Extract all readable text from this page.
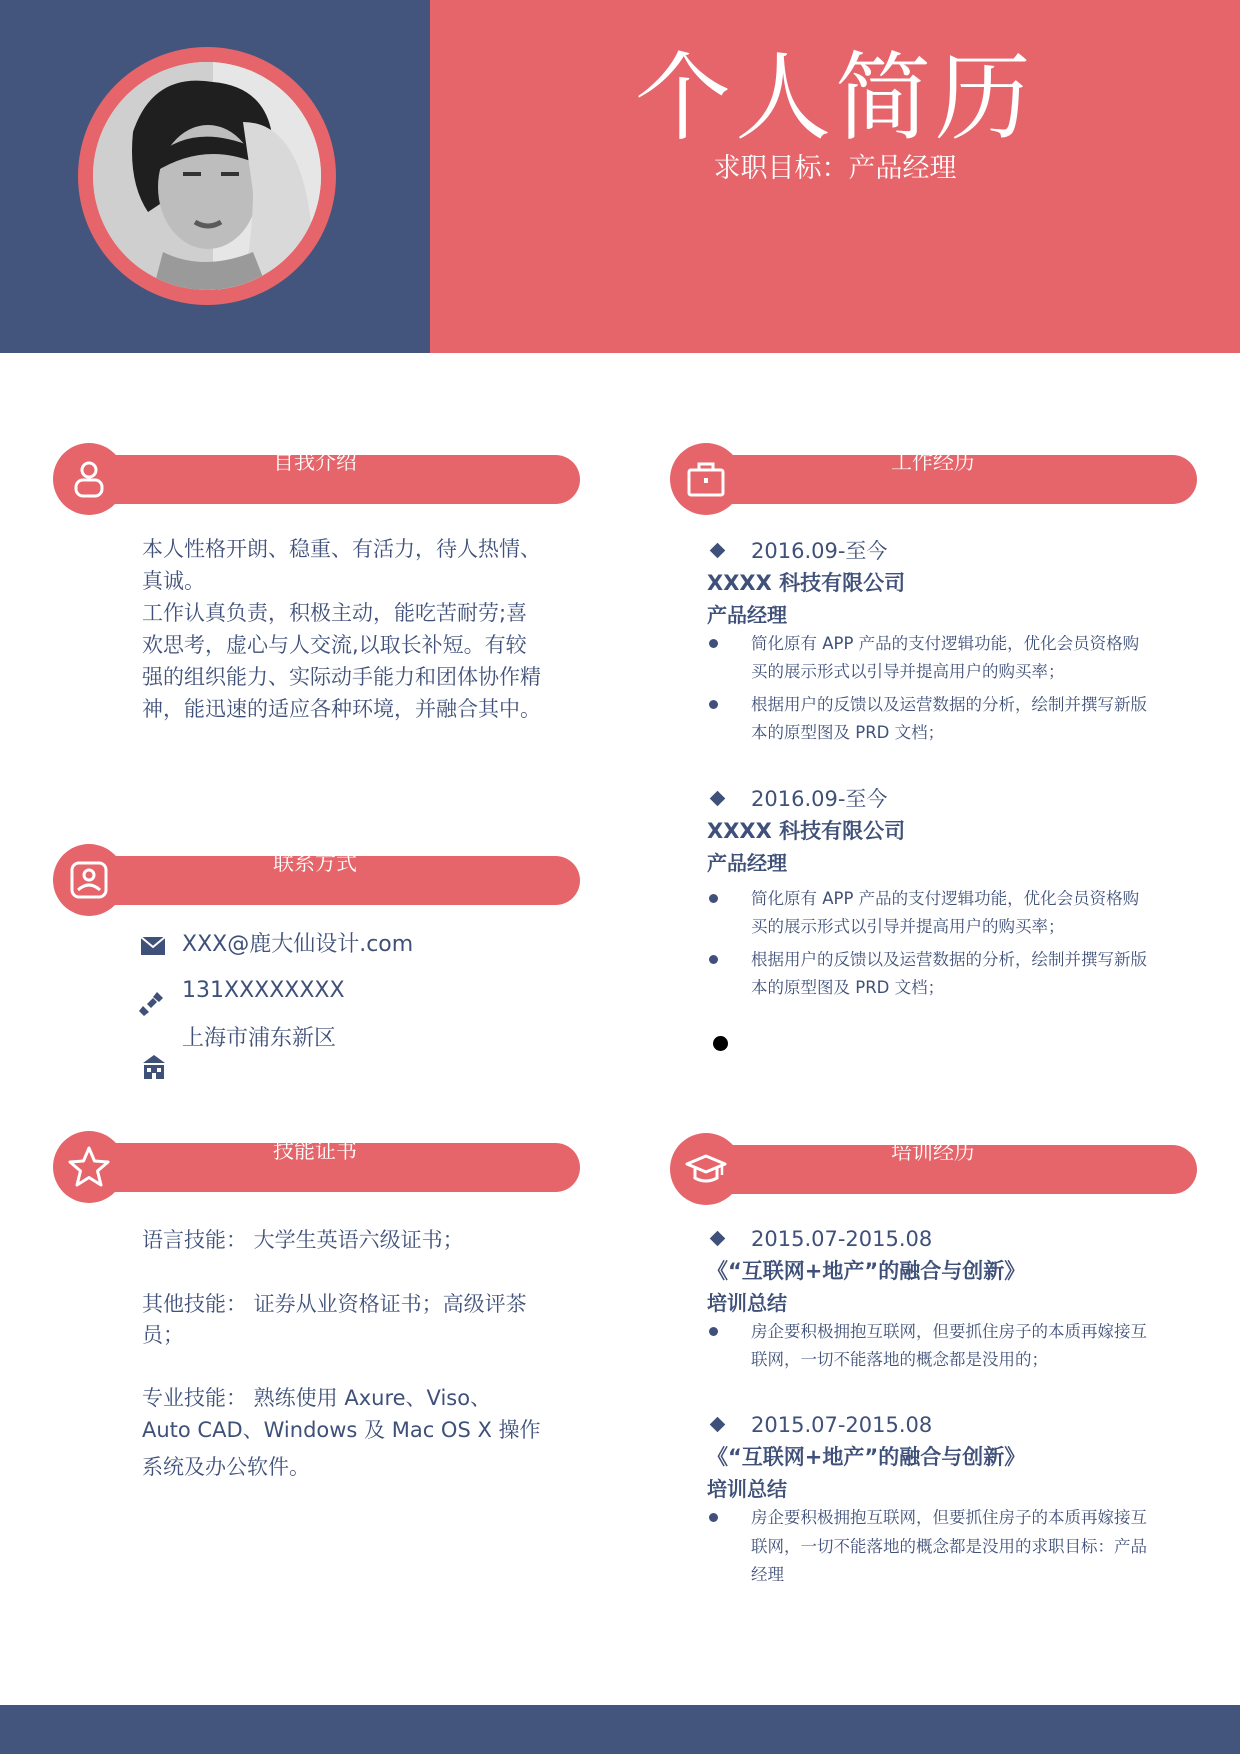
个人简历
求职目标：产品经理
自我介绍
本人性格开朗、稳重、有活力，待人热情、
真诚。
工作认真负责，积极主动，能吃苦耐劳;喜
欢思考，虚心与人交流,以取长补短。有较
强的组织能力、实际动手能力和团体协作精
神，能迅速的适应各种环境，并融合其中。
联系方式
XXX@鹿大仙设计.com
131XXXXXXXX
上海市浦东新区
技能证书
语言技能： 大学生英语六级证书；
其他技能： 证券从业资格证书；高级评茶
员；
专业技能： 熟练使用 Axure、Viso、
Auto CAD、Windows 及 Mac OS X 操作
系统及办公软件。
工作经历
2016.09-至今
XXXX 科技有限公司
产品经理
简化原有 APP 产品的支付逻辑功能，优化会员资格购
买的展示形式以引导并提高用户的购买率；
根据用户的反馈以及运营数据的分析，绘制并撰写新版
本的原型图及 PRD 文档；
2016.09-至今
XXXX 科技有限公司
产品经理
简化原有 APP 产品的支付逻辑功能，优化会员资格购
买的展示形式以引导并提高用户的购买率；
根据用户的反馈以及运营数据的分析，绘制并撰写新版
本的原型图及 PRD 文档；
培训经历
2015.07-2015.08
《“互联网+地产”的融合与创新》
培训总结
房企要积极拥抱互联网，但要抓住房子的本质再嫁接互
联网，一切不能落地的概念都是没用的；
2015.07-2015.08
《“互联网+地产”的融合与创新》
培训总结
房企要积极拥抱互联网，但要抓住房子的本质再嫁接互
联网，一切不能落地的概念都是没用的求职目标：产品
经理
